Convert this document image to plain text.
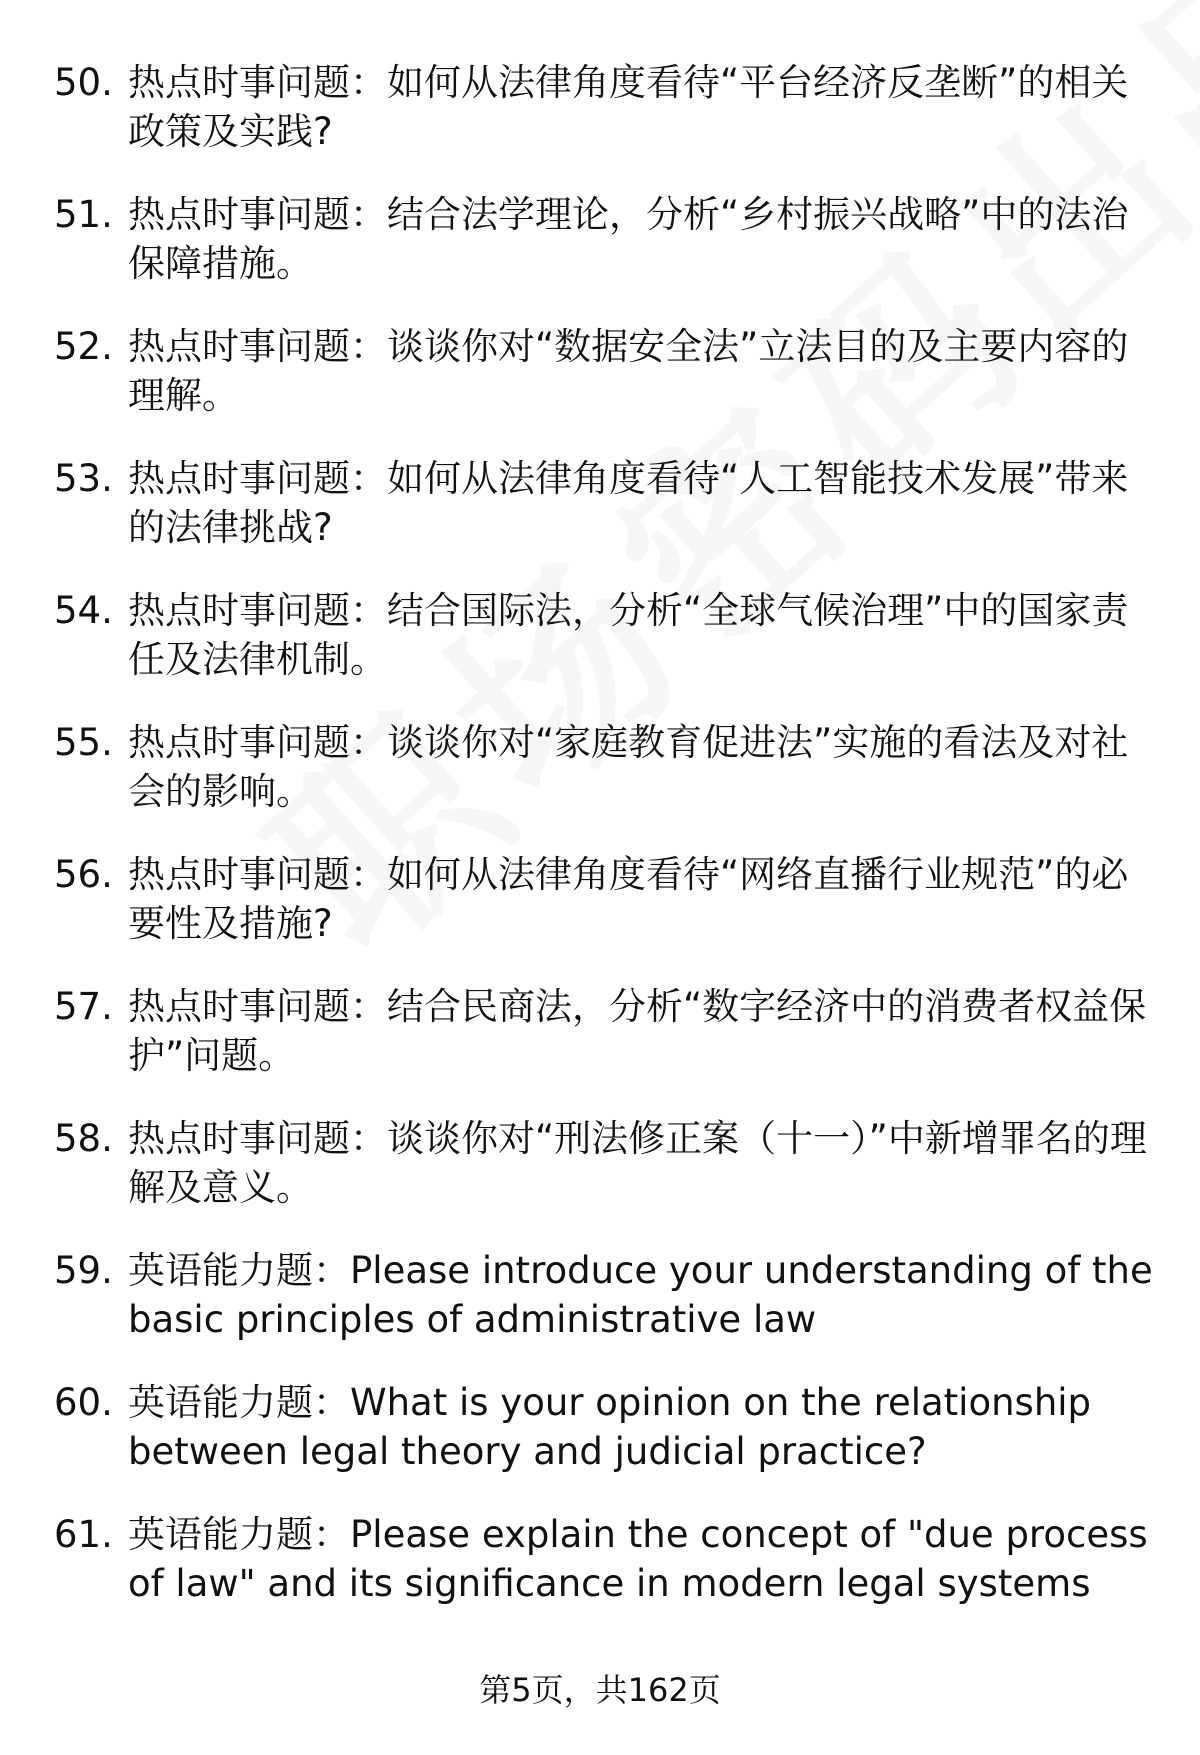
50. 热点时事问题：如何从法律角度看待“平台经济反垄断”的相关政策及实践?
51. 热点时事问题：结合法学理论，分析“乡村振兴战略”中的法治保障措施。
52. 热点时事问题：谈谈你对“数据安全法”立法目的及主要内容的理解。
53. 热点时事问题：如何从法律角度看待“人工智能技术发展”带来的法律挑战?
54. 热点时事问题：结合国际法，分析“全球气候治理”中的国家责任及法律机制。
55. 热点时事问题：谈谈你对“家庭教育促进法”实施的看法及对社会的影响。
56. 热点时事问题：如何从法律角度看待“网络直播行业规范”的必要性及措施?
57. 热点时事问题：结合民商法，分析“数字经济中的消费者权益保护”问题。
58. 热点时事问题：谈谈你对“刑法修正案（十一）”中新增罪名的理解及意义。
59. 英语能力题：Please introduce your understanding of the basic principles of administrative law
60. 英语能力题：What is your opinion on the relationship between legal theory and judicial practice?
61. 英语能力题：Please explain the concept of "due process of law" and its significance in modern legal systems
第5页，共162页
